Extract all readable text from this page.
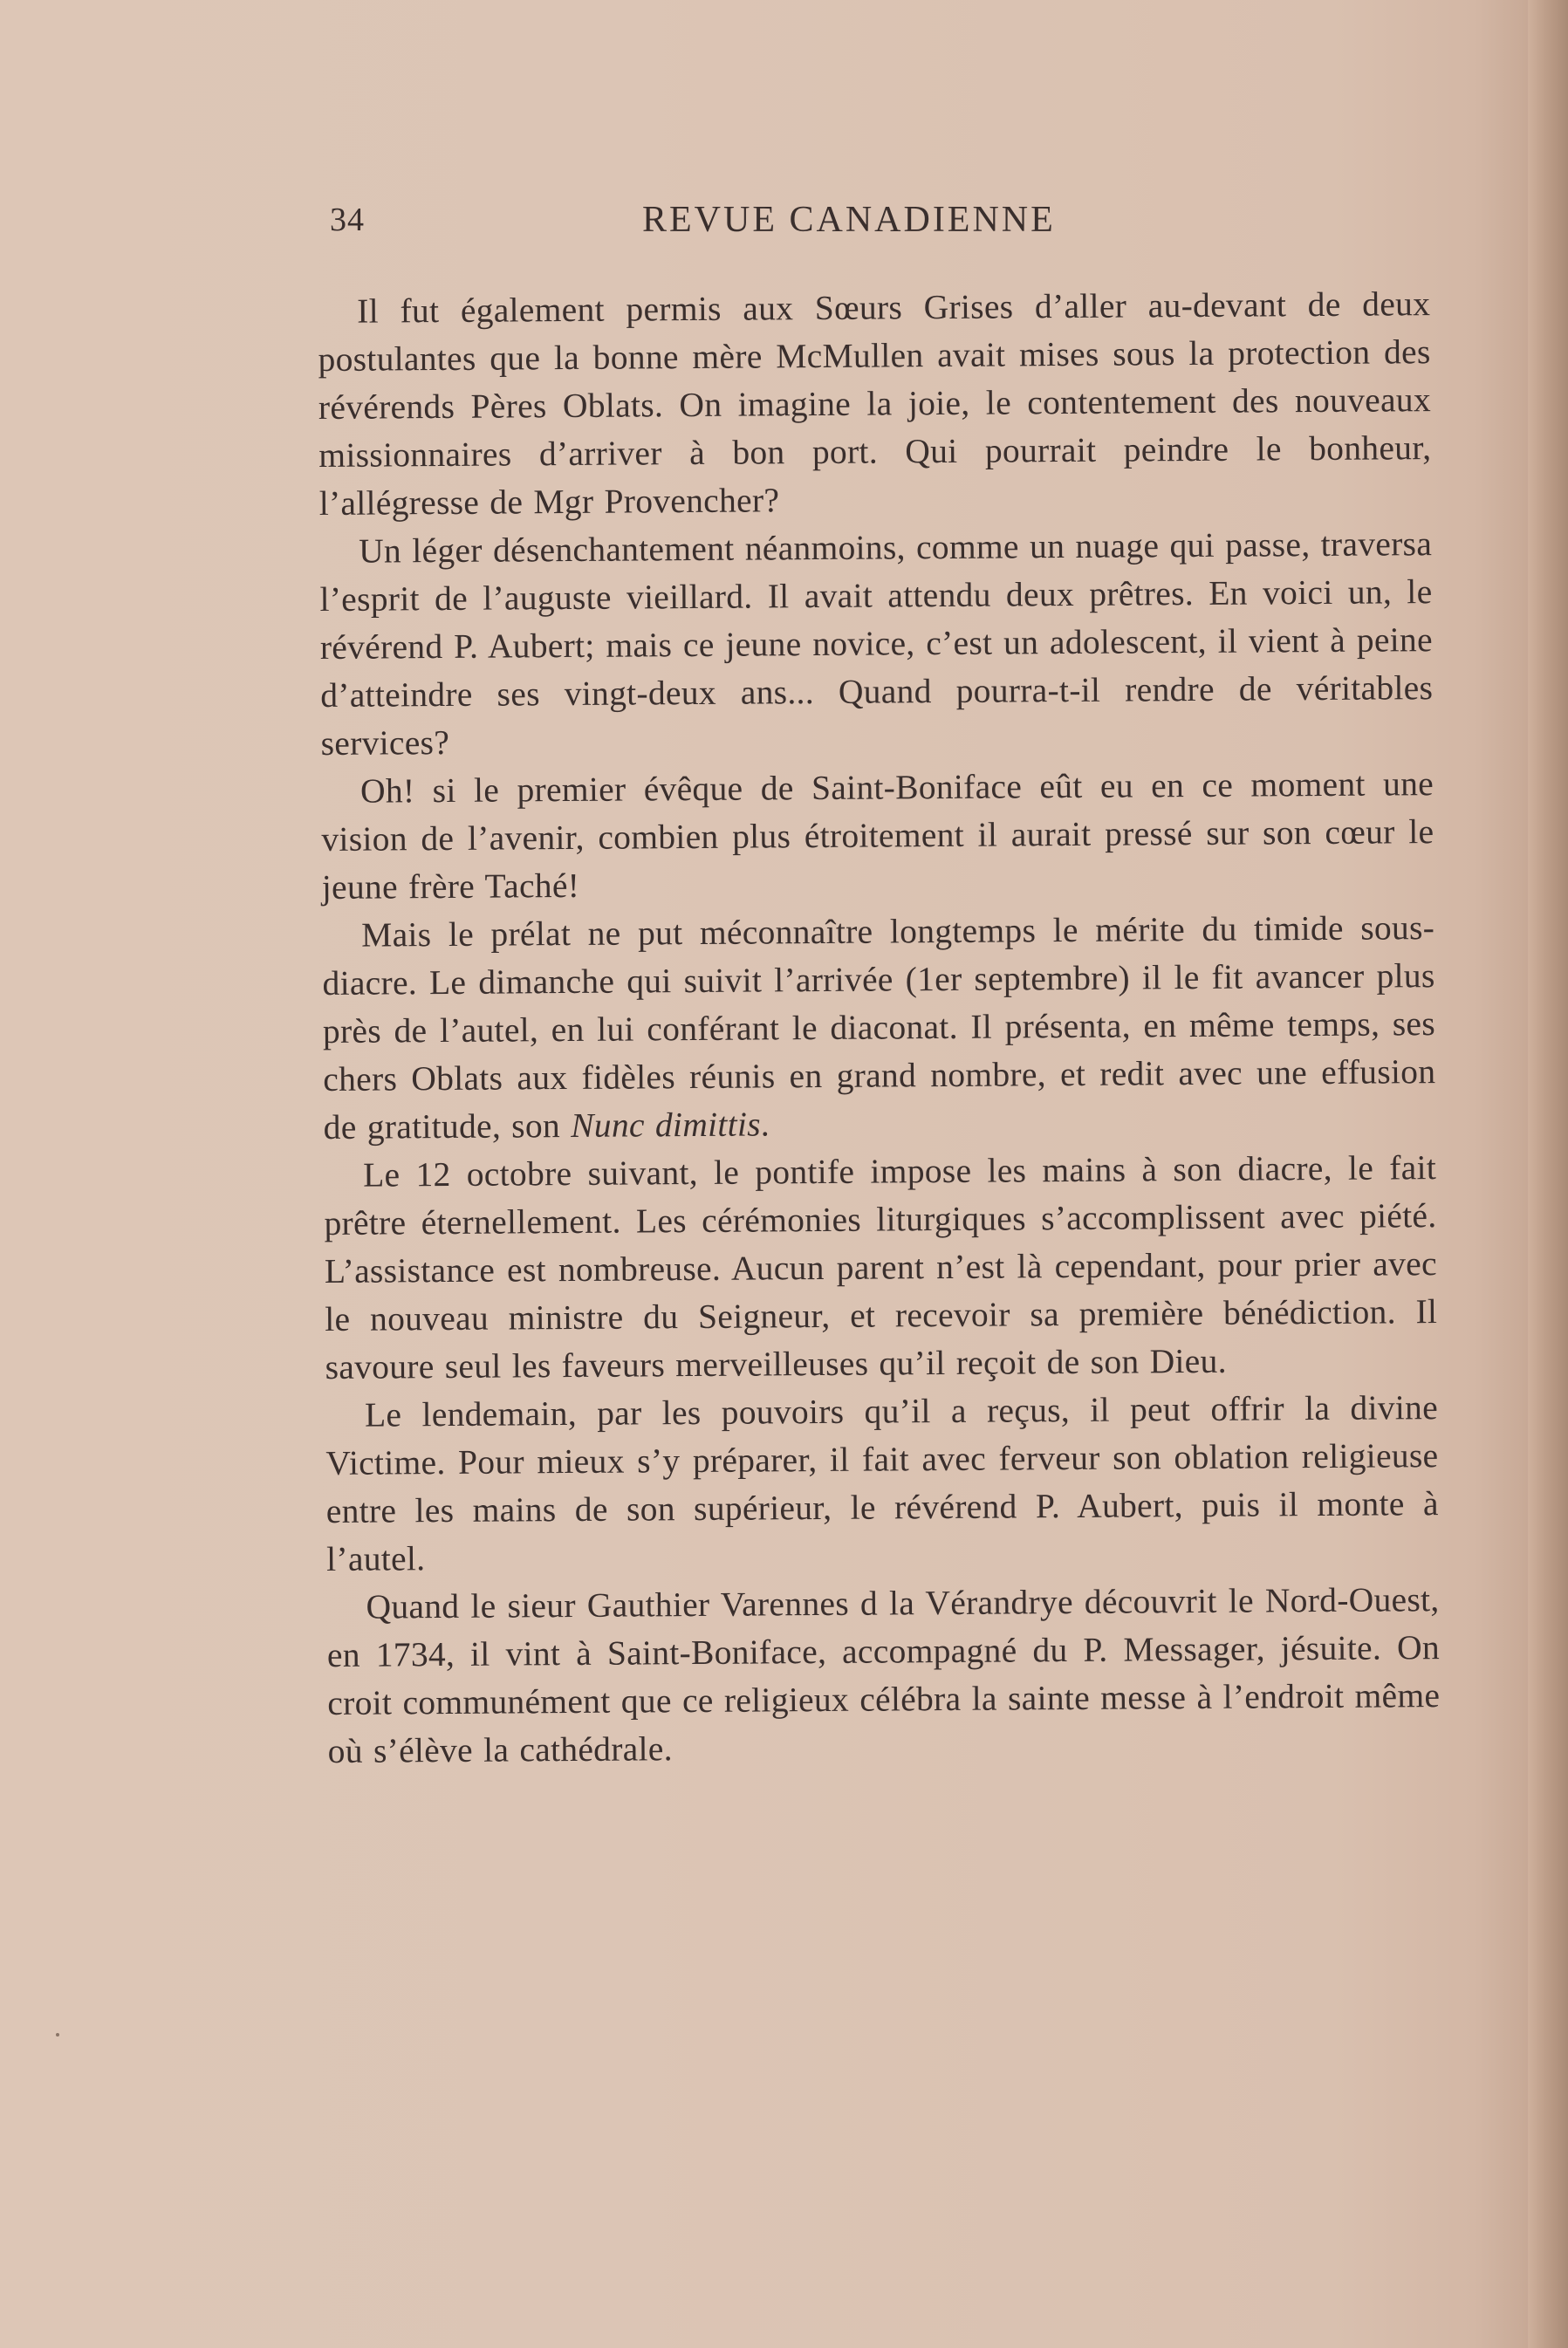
34	REVUE CANADIENNE

Il fut également permis aux Sœurs Grises d’aller au-devant de deux postulantes que la bonne mère McMullen avait mises sous la protection des révérends Pères Oblats. On imagine la joie, le contentement des nouveaux missionnaires d’arriver à bon port. Qui pourrait peindre le bonheur, l’allégresse de Mgr Provencher?

Un léger désenchantement néanmoins, comme un nuage qui passe, traversa l’esprit de l’auguste vieillard. Il avait attendu deux prêtres. En voici un, le révérend P. Aubert; mais ce jeune novice, c’est un adolescent, il vient à peine d’atteindre ses vingt-deux ans... Quand pourra-t-il rendre de véritables services?

Oh! si le premier évêque de Saint-Boniface eût eu en ce moment une vision de l’avenir, combien plus étroitement il aurait pressé sur son cœur le jeune frère Taché!

Mais le prélat ne put méconnaître longtemps le mérite du timide sous-diacre. Le dimanche qui suivit l’arrivée (1er septembre) il le fit avancer plus près de l’autel, en lui conférant le diaconat. Il présenta, en même temps, ses chers Oblats aux fidèles réunis en grand nombre, et redit avec une effusion de gratitude, son Nunc dimittis.

Le 12 octobre suivant, le pontife impose les mains à son diacre, le fait prêtre éternellement. Les cérémonies liturgiques s’accomplissent avec piété. L’assistance est nombreuse. Aucun parent n’est là cependant, pour prier avec le nouveau ministre du Seigneur, et recevoir sa première bénédiction. Il savoure seul les faveurs merveilleuses qu’il reçoit de son Dieu.

Le lendemain, par les pouvoirs qu’il a reçus, il peut offrir la divine Victime. Pour mieux s’y préparer, il fait avec ferveur son oblation religieuse entre les mains de son supérieur, le révérend P. Aubert, puis il monte à l’autel.

Quand le sieur Gauthier Varennes d la Vérandrye découvrit le Nord-Ouest, en 1734, il vint à Saint-Boniface, accompagné du P. Messager, jésuite. On croit communément que ce religieux célébra la sainte messe à l’endroit même où s’élève la cathédrale.
